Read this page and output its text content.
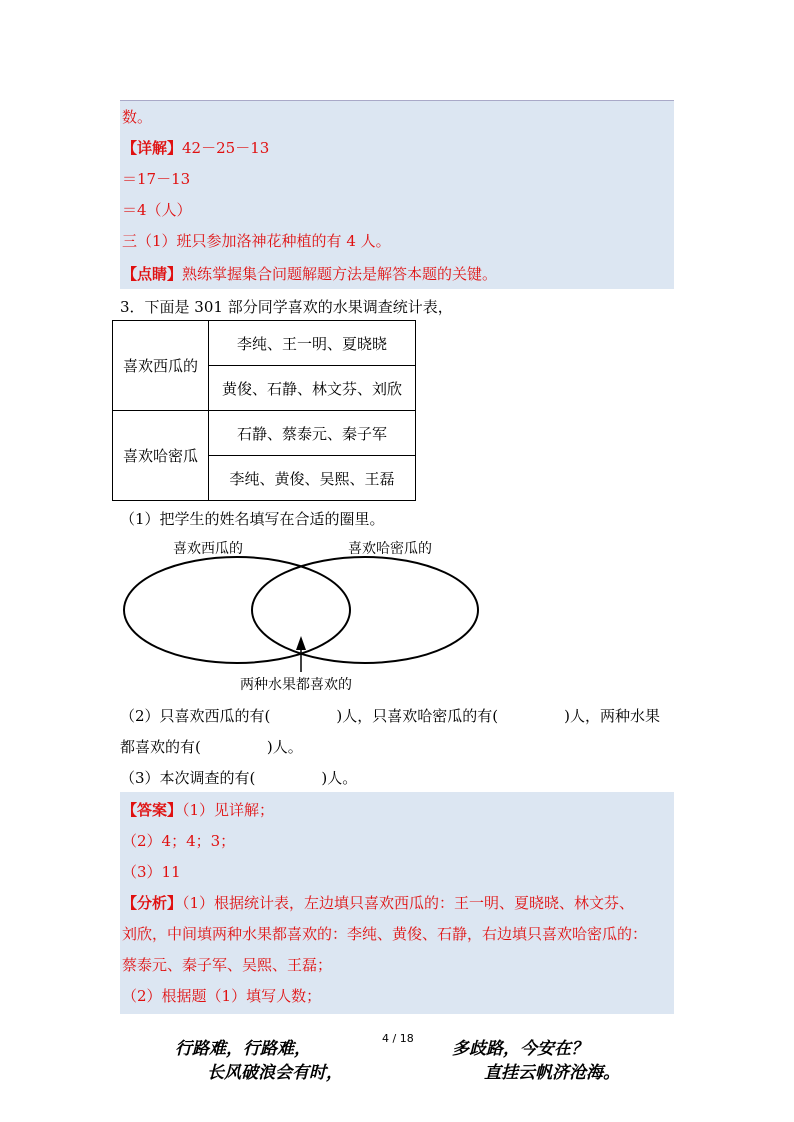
数。
【详解】42－25－13
＝17－13
＝4（人）
三（1）班只参加洛神花种植的有 4 人。
【点睛】熟练掌握集合问题解题方法是解答本题的关键。
3．下面是 301 部分同学喜欢的水果调查统计表，
喜欢西瓜的	李纯、王一明、夏晓晓
	黄俊、石静、林文芬、刘欣
喜欢哈密瓜	石静、蔡泰元、秦子军
	李纯、黄俊、吴熙、王磊
（1）把学生的姓名填写在合适的圈里。
喜欢西瓜的	喜欢哈密瓜的
两种水果都喜欢的
（2）只喜欢西瓜的有(	)人，只喜欢哈密瓜的有(	)人，两种水果
都喜欢的有(	)人。
（3）本次调查的有(	)人。
【答案】（1）见详解；
（2）4；4；3；
（3）11
【分析】（1）根据统计表，左边填只喜欢西瓜的：王一明、夏晓晓、林文芬、
刘欣，中间填两种水果都喜欢的：李纯、黄俊、石静，右边填只喜欢哈密瓜的：
蔡泰元、秦子军、吴熙、王磊；
（2）根据题（1）填写人数；
行路难，行路难，
4 / 18
多歧路，今安在？
长风破浪会有时，	直挂云帆济沧海。
